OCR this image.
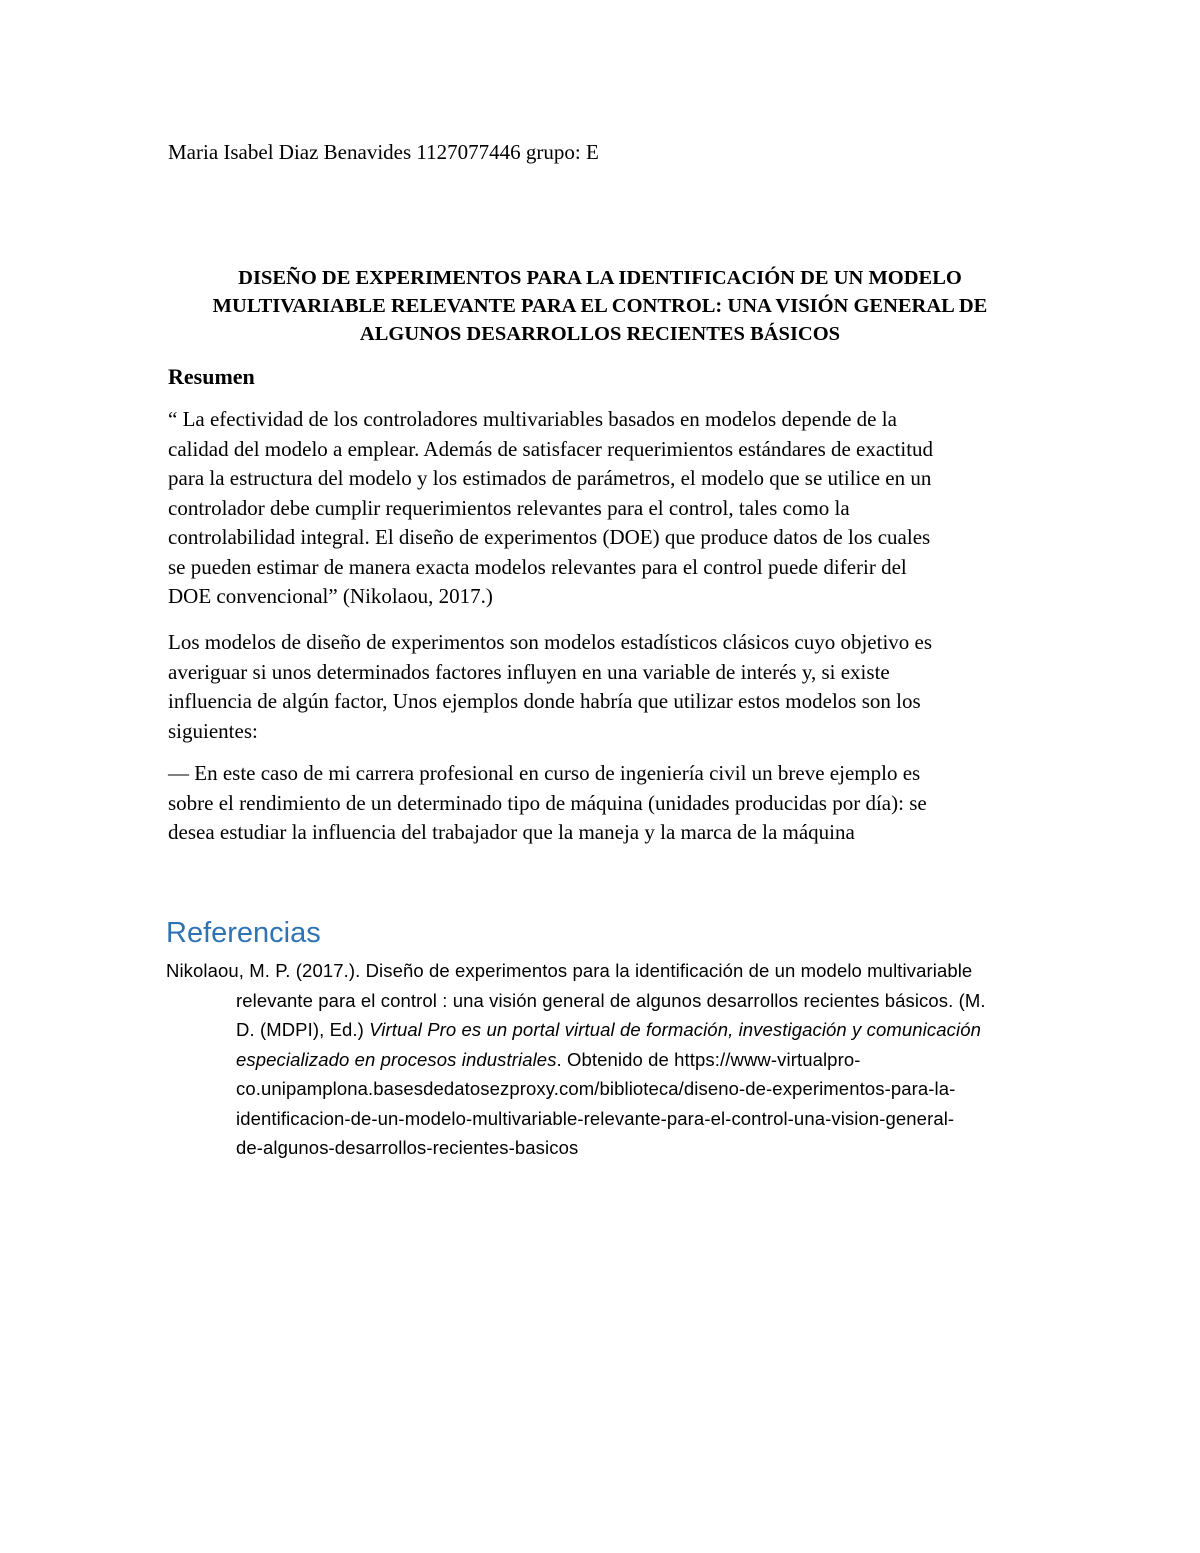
Maria Isabel Diaz Benavides 1127077446 grupo: E
DISEÑO DE EXPERIMENTOS PARA LA IDENTIFICACIÓN DE UN MODELO
MULTIVARIABLE RELEVANTE PARA EL CONTROL: UNA VISIÓN GENERAL DE
ALGUNOS DESARROLLOS RECIENTES BÁSICOS
Resumen
“ La efectividad de los controladores multivariables basados en modelos depende de la
calidad del modelo a emplear. Además de satisfacer requerimientos estándares de exactitud
para la estructura del modelo y los estimados de parámetros, el modelo que se utilice en un
controlador debe cumplir requerimientos relevantes para el control, tales como la
controlabilidad integral. El diseño de experimentos (DOE) que produce datos de los cuales
se pueden estimar de manera exacta modelos relevantes para el control puede diferir del
DOE convencional” (Nikolaou, 2017.)
Los modelos de diseño de experimentos son modelos estadísticos clásicos cuyo objetivo es
averiguar si unos determinados factores influyen en una variable de interés y, si existe
influencia de algún factor, Unos ejemplos donde habría que utilizar estos modelos son los
siguientes:
— En este caso de mi carrera profesional en curso de ingeniería civil un breve ejemplo es
sobre el rendimiento de un determinado tipo de máquina (unidades producidas por día): se
desea estudiar la influencia del trabajador que la maneja y la marca de la máquina
Referencias
Nikolaou, M. P. (2017.). Diseño de experimentos para la identificación de un modelo multivariable
relevante para el control : una visión general de algunos desarrollos recientes básicos. (M.
D. (MDPI), Ed.) Virtual Pro es un portal virtual de formación, investigación y comunicación
especializado en procesos industriales. Obtenido de https://www-virtualpro-
co.unipamplona.basesdedatosezproxy.com/biblioteca/diseno-de-experimentos-para-la-
identificacion-de-un-modelo-multivariable-relevante-para-el-control-una-vision-general-
de-algunos-desarrollos-recientes-basicos
